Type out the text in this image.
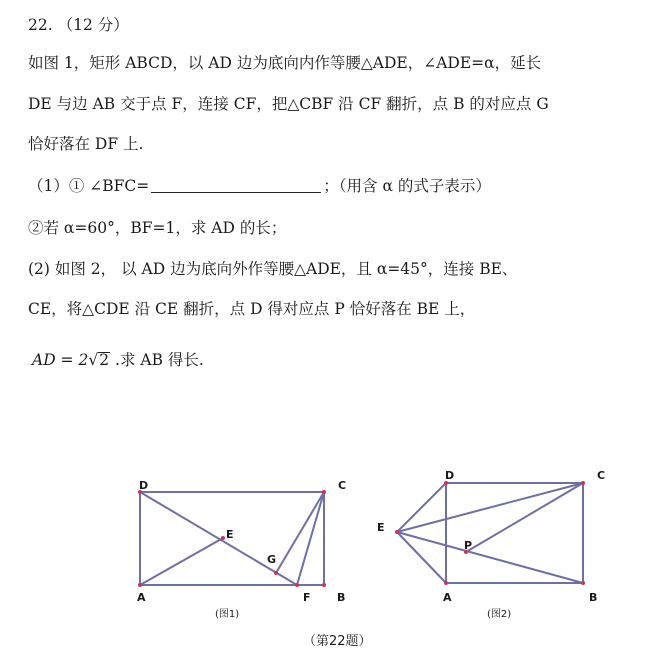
22. （12 分）
如图 1，矩形 ABCD，以 AD 边为底向内作等腰△ADE，∠ADE=α，延长
DE 与边 AB 交于点 F，连接 CF，把△CBF 沿 CF 翻折，点 B 的对应点 G
恰好落在 DF 上.
（1）① ∠BFC=	；（用含 α 的式子表示）
②若 α=60°，BF=1，求 AD 的长；
(2) 如图 2， 以 AD 边为底向外作等腰△ADE，且 α=45°，连接 BE、
CE，将△CDE 沿 CE 翻折，点 D 得对应点 P 恰好落在 BE 上，
AD = 2√2 .求 AB 得长.
D	C
A	B
E
F
G
(图1)
D	C
A	B
E
P
(图2)
（第22题）
